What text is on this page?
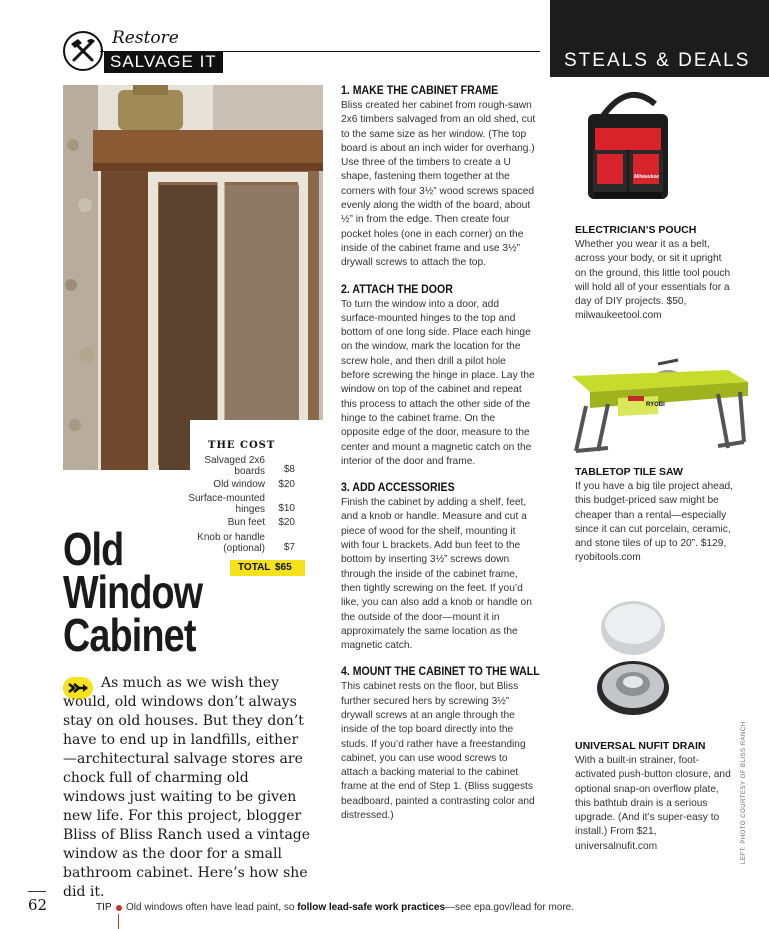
Restore
SALVAGE IT
THE COST
Salvaged 2x6 boards	$8
Old window	$20
Surface-mounted hinges	$10
Bun feet	$20
Knob or handle (optional)	$7
TOTAL $65
Old
Window
Cabinet
As much as we wish they would, old windows don’t always stay on old houses. But they don’t have to end up in landfills, either—architectural salvage stores are chock full of charming old windows just waiting to be given new life. For this project, blogger Bliss of Bliss Ranch used a vintage window as the door for a small bathroom cabinet. Here’s how she did it.
1. MAKE THE CABINET FRAME
Bliss created her cabinet from rough-sawn 2x6 timbers salvaged from an old shed, cut to the same size as her window. (The top board is about an inch wider for overhang.) Use three of the timbers to create a U shape, fastening them together at the corners with four 3½” wood screws spaced evenly along the width of the board, about ½” in from the edge. Then create four pocket holes (one in each corner) on the inside of the cabinet frame and use 3½” drywall screws to attach the top.
2. ATTACH THE DOOR
To turn the window into a door, add surface-mounted hinges to the top and bottom of one long side. Place each hinge on the window, mark the location for the screw hole, and then drill a pilot hole before screwing the hinge in place. Lay the window on top of the cabinet and repeat this process to attach the other side of the hinge to the cabinet frame. On the opposite edge of the door, measure to the center and mount a magnetic catch on the interior of the door and frame.
3. ADD ACCESSORIES
Finish the cabinet by adding a shelf, feet, and a knob or handle. Measure and cut a piece of wood for the shelf, mounting it with four L brackets. Add bun feet to the bottom by inserting 3½” screws down through the inside of the cabinet frame, then tightly screwing on the feet. If you’d like, you can also add a knob or handle on the outside of the door—mount it in approximately the same location as the magnetic catch.
4. MOUNT THE CABINET TO THE WALL
This cabinet rests on the floor, but Bliss further secured hers by screwing 3½” drywall screws at an angle through the inside of the top board directly into the studs. If you’d rather have a freestanding cabinet, you can use wood screws to attach a backing material to the cabinet frame at the end of Step 1. (Bliss suggests beadboard, painted a contrasting color and distressed.)
STEALS & DEALS
Milwaukee
ELECTRICIAN’S POUCH
Whether you wear it as a belt, across your body, or sit it upright on the ground, this little tool pouch will hold all of your essentials for a day of DIY projects. $50, milwaukeetool.com
RYOBI
TABLETOP TILE SAW
If you have a big tile project ahead, this budget-priced saw might be cheaper than a rental—especially since it can cut porcelain, ceramic, and stone tiles of up to 20”. $129, ryobitools.com
UNIVERSAL NUFIT DRAIN
With a built-in strainer, foot-activated push-button closure, and optional snap-on overflow plate, this bathtub drain is a serious upgrade. (And it’s super-easy to install.) From $21, universalnufit.com	LEFT: PHOTO COURTESY OF BLISS RANCH
62	TIP Old windows often have lead paint, so follow lead-safe work practices—see epa.gov/lead for more.
